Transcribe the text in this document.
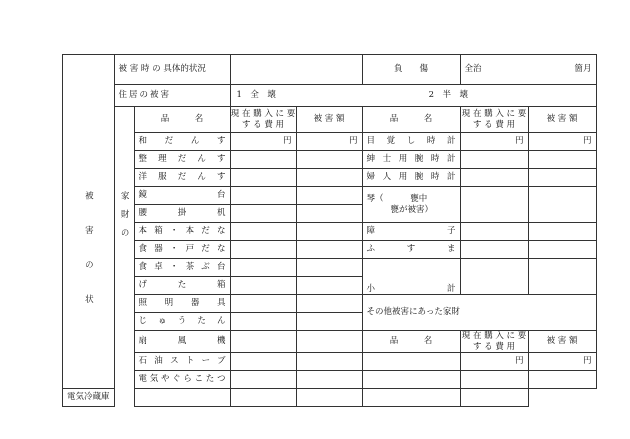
	被 害 時 の 具体的状況				負　　傷	全治 箇月	

	住居の被害		1　全　壊 2　半　壊				
	家財の	品　　　名	現 在 購 入 に 要 す る 費 用	被 害 額	品　　　名	現 在 購 入 に 要 す る 費 用	被 害 額
被害の状		和だんす	円	円	目覚し時計	円	円
		整理だんす			紳士用腕時計		
		洋服だんす			婦人用腕時計		
		鏡台			琴（ 甕中
甕が被害）		
		腰掛机					
		本箱・本だな			障子		
		食器・戸だな			ふすま		
		食卓・茶ぶ台			小計		
		げた箱					
		照明器具			その他被害にあった家財		
		じゅうたん					
		扇風機			品　　　名	現 在 購 入 に 要 す る 費 用	被 害 額
		石油ストーブ				円	円
		電気やぐらこたつ					
電気冷蔵庫							
